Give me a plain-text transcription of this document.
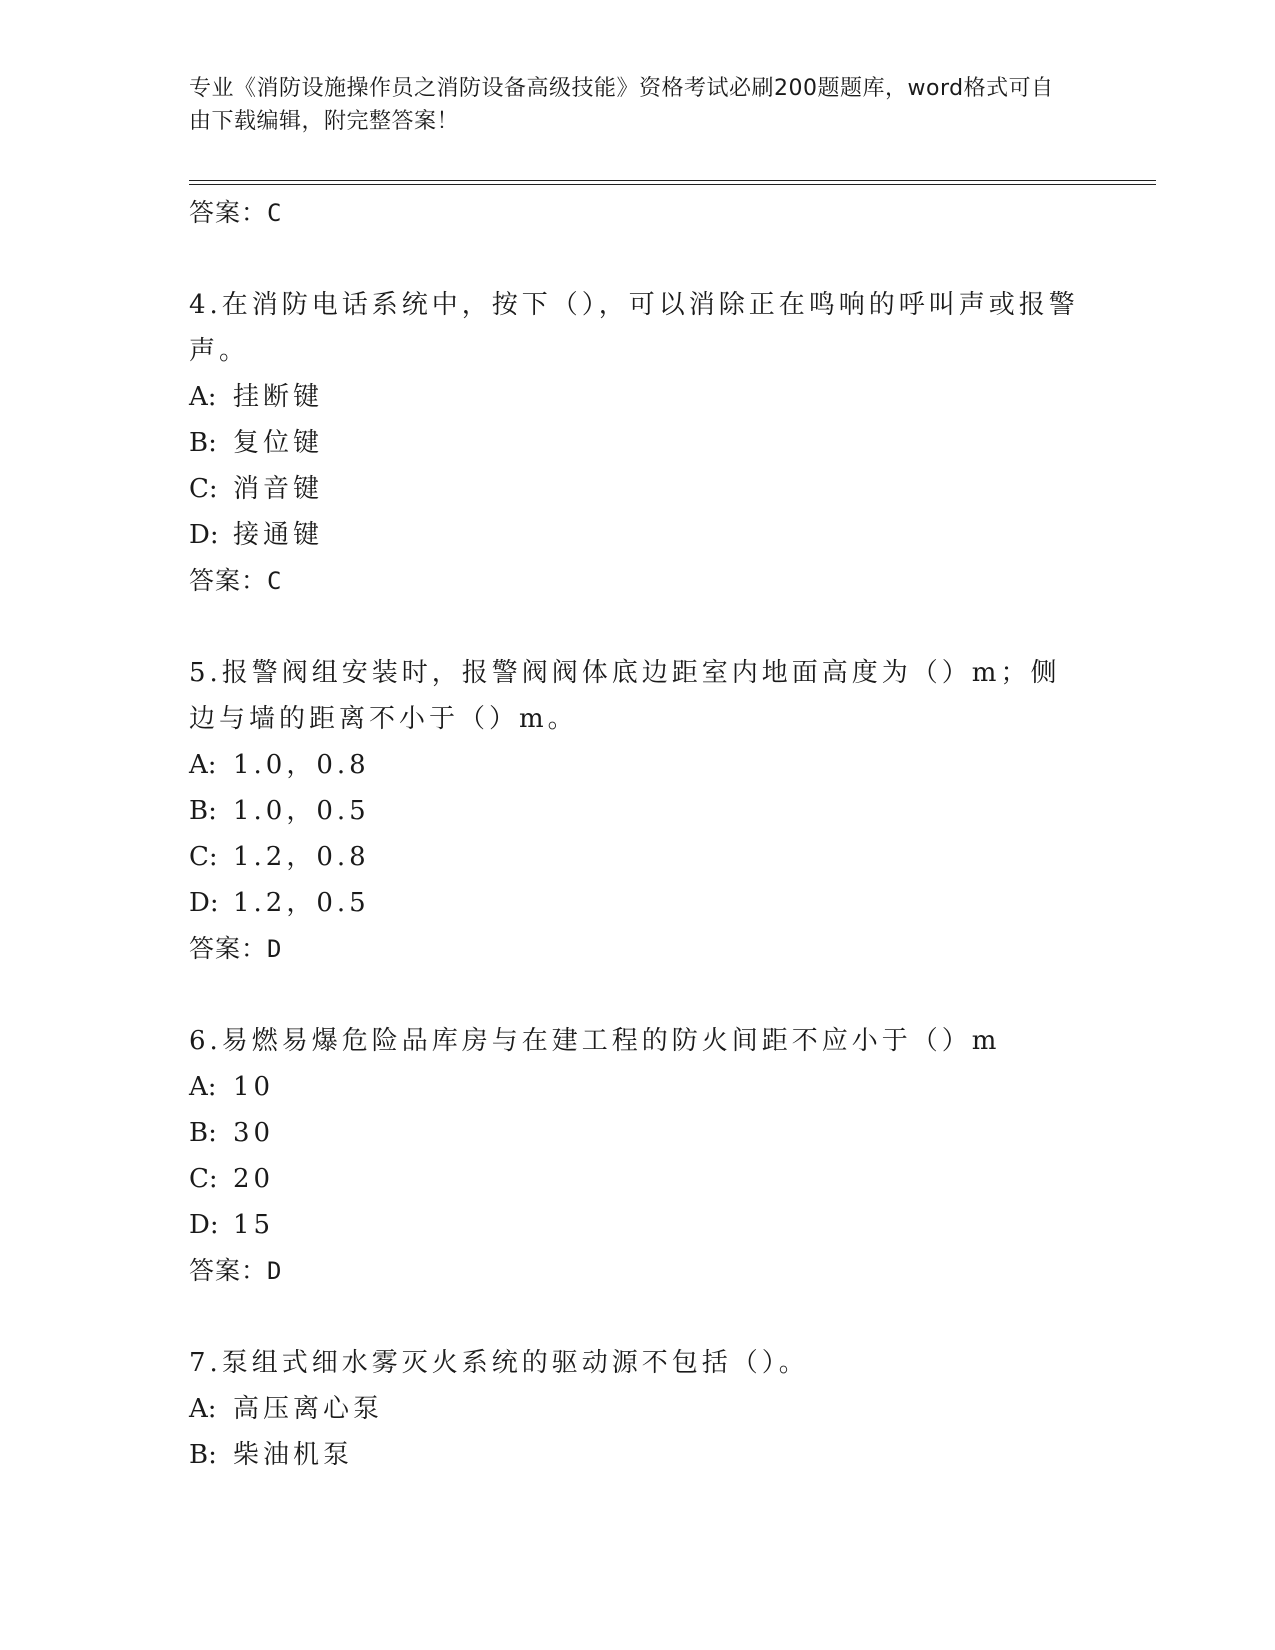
专业《消防设施操作员之消防设备高级技能》资格考试必刷200题题库，word格式可自由下载编辑，附完整答案！
答案：C
4.在消防电话系统中，按下（），可以消除正在鸣响的呼叫声或报警声。
A: 挂断键
B: 复位键
C: 消音键
D: 接通键
答案：C
5.报警阀组安装时，报警阀阀体底边距室内地面高度为（）m；侧边与墙的距离不小于（）m。
A: 1.0，0.8
B: 1.0，0.5
C: 1.2，0.8
D: 1.2，0.5
答案：D
6.易燃易爆危险品库房与在建工程的防火间距不应小于（）m
A: 10
B: 30
C: 20
D: 15
答案：D
7.泵组式细水雾灭火系统的驱动源不包括（）。
A: 高压离心泵
B: 柴油机泵
